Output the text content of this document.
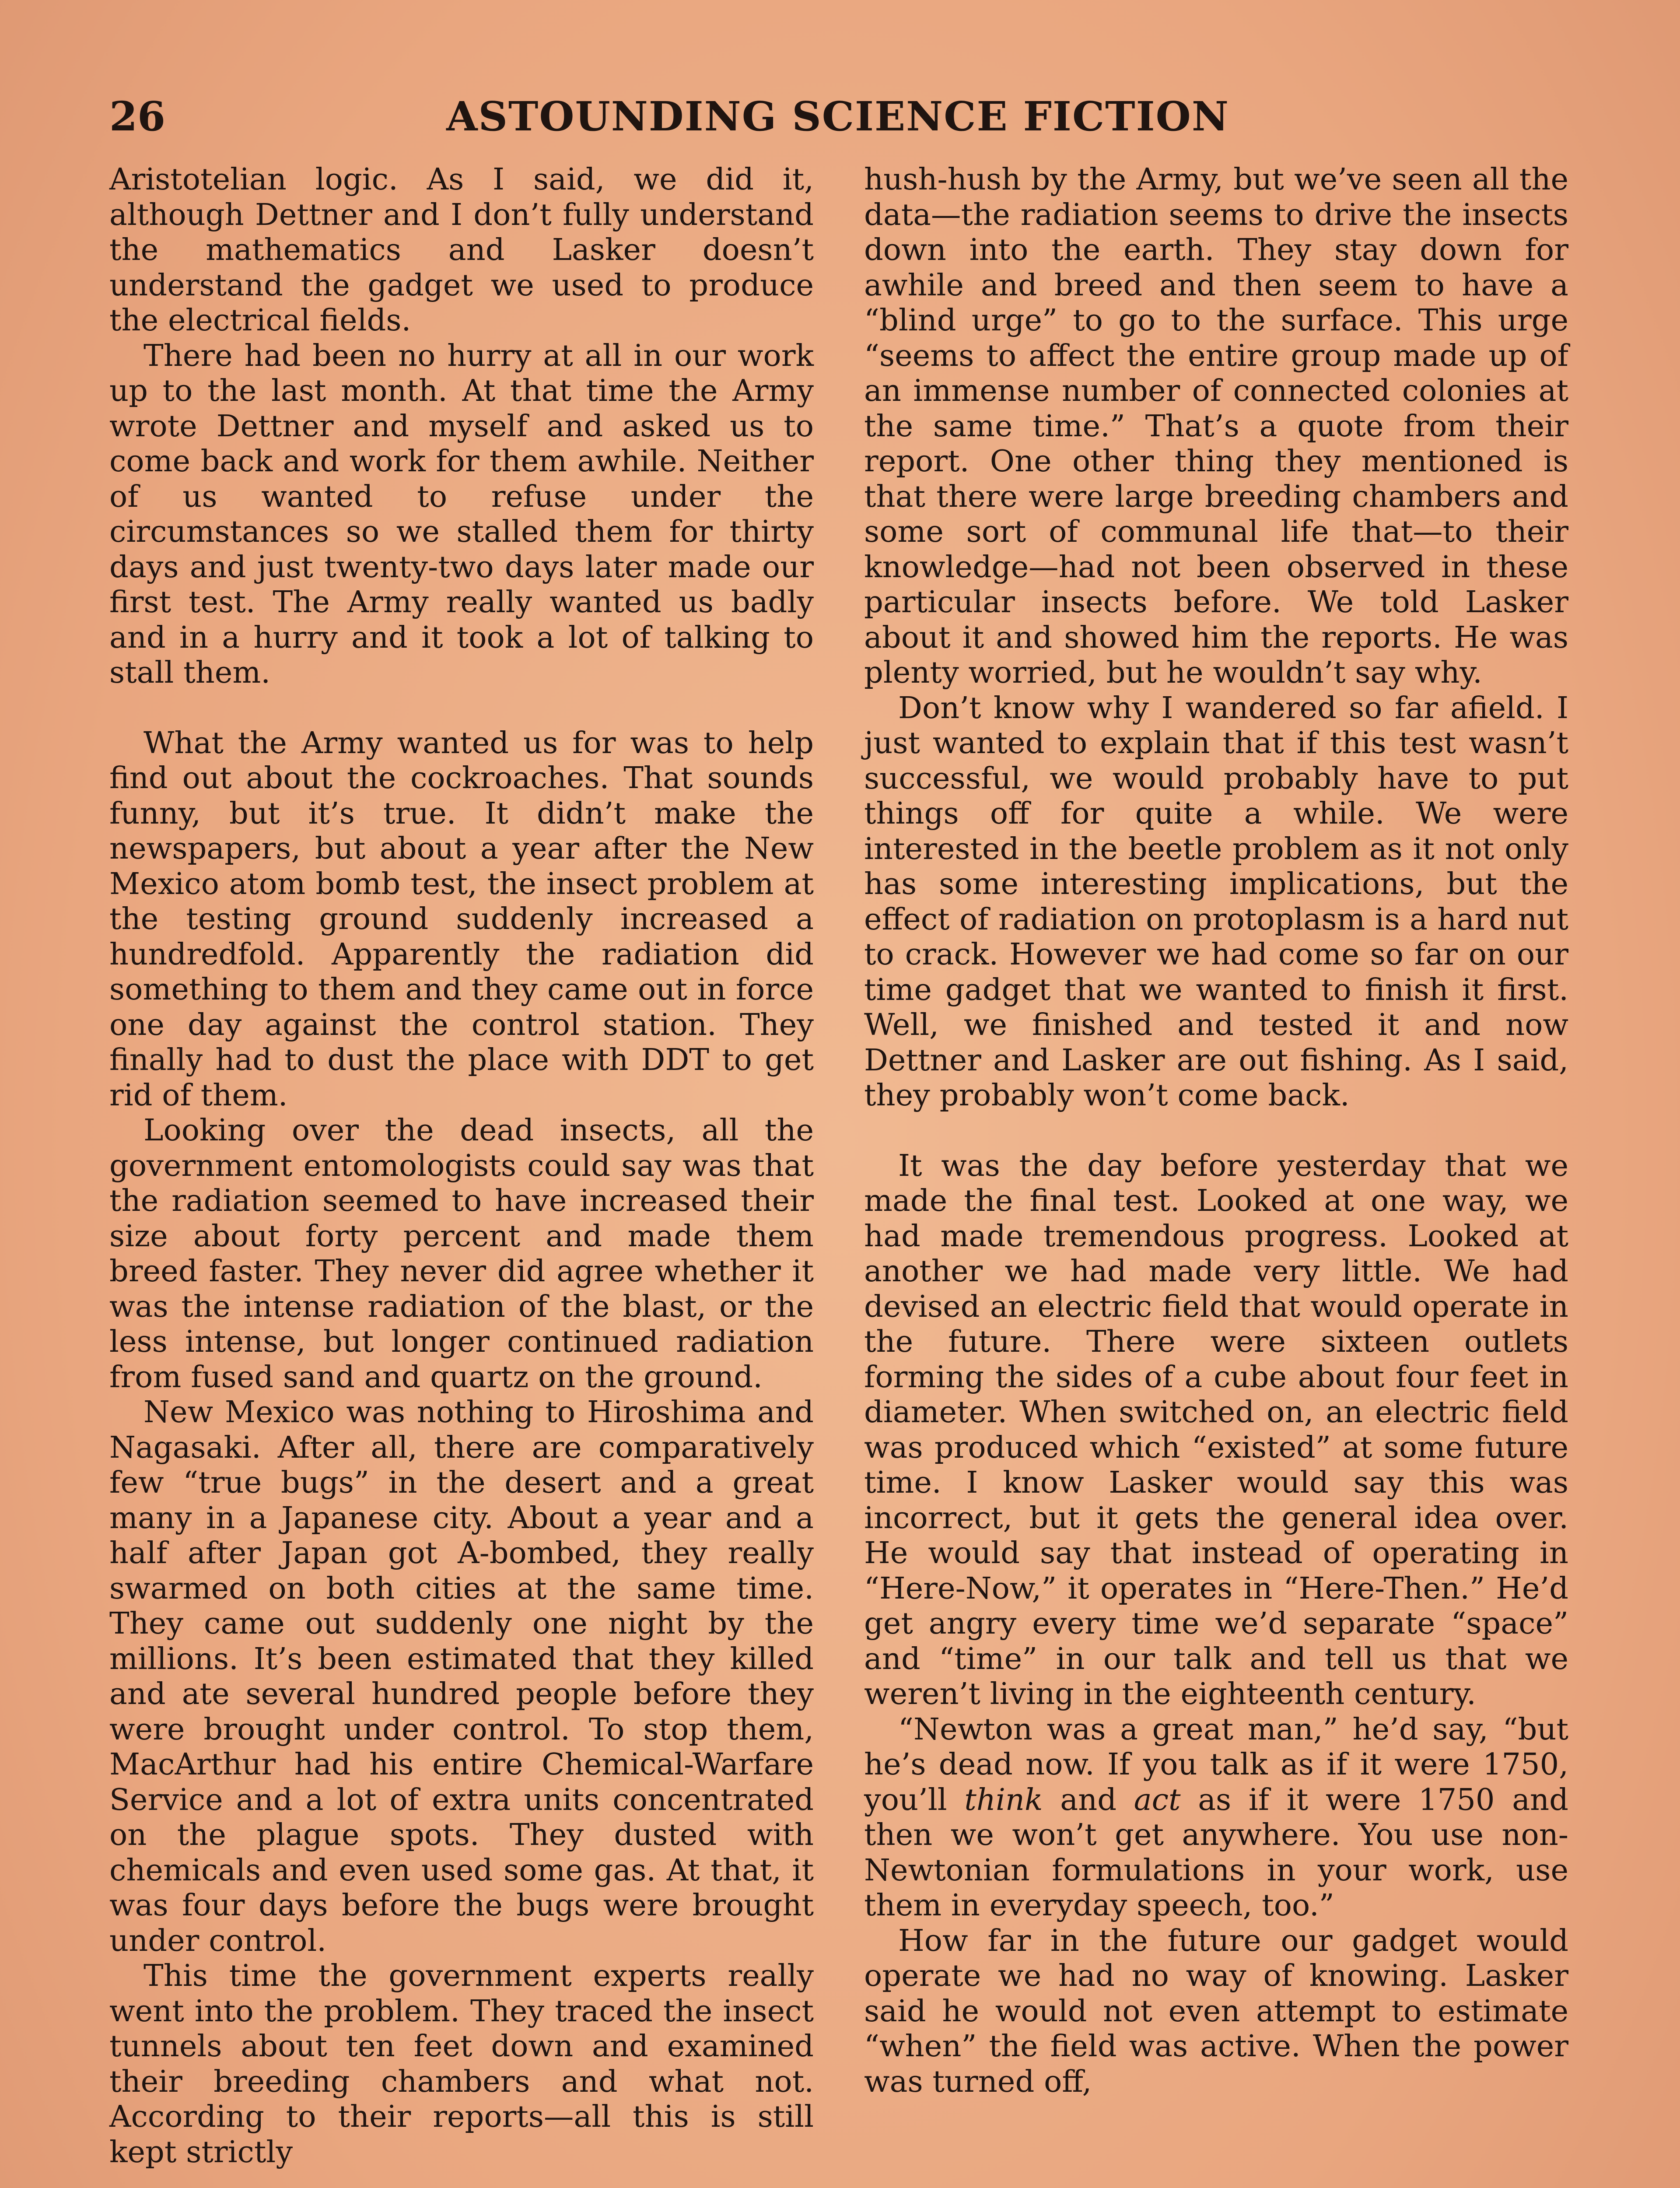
26	ASTOUNDING SCIENCE FICTION

Aristotelian logic. As I said, we did it, although Dettner and I don’t fully understand the mathematics and Lasker doesn’t understand the gadget we used to produce the electrical fields.

There had been no hurry at all in our work up to the last month. At that time the Army wrote Dettner and myself and asked us to come back and work for them awhile. Neither of us wanted to refuse under the circumstances so we stalled them for thirty days and just twenty-two days later made our first test. The Army really wanted us badly and in a hurry and it took a lot of talking to stall them.

What the Army wanted us for was to help find out about the cockroaches. That sounds funny, but it’s true. It didn’t make the newspapers, but about a year after the New Mexico atom bomb test, the insect problem at the testing ground suddenly increased a hundredfold. Apparently the radiation did something to them and they came out in force one day against the control station. They finally had to dust the place with DDT to get rid of them.

Looking over the dead insects, all the government entomologists could say was that the radiation seemed to have increased their size about forty percent and made them breed faster. They never did agree whether it was the intense radiation of the blast, or the less intense, but longer continued radiation from fused sand and quartz on the ground.

New Mexico was nothing to Hiroshima and Nagasaki. After all, there are comparatively few “true bugs” in the desert and a great many in a Japanese city. About a year and a half after Japan got A-bombed, they really swarmed on both cities at the same time. They came out suddenly one night by the millions. It’s been estimated that they killed and ate several hundred people before they were brought under control. To stop them, MacArthur had his entire Chemical-Warfare Service and a lot of extra units concentrated on the plague spots. They dusted with chemicals and even used some gas. At that, it was four days before the bugs were brought under control.

This time the government experts really went into the problem. They traced the insect tunnels about ten feet down and examined their breeding chambers and what not. According to their reports—all this is still kept strictly

hush-hush by the Army, but we’ve seen all the data—the radiation seems to drive the insects down into the earth. They stay down for awhile and breed and then seem to have a “blind urge” to go to the surface. This urge “seems to affect the entire group made up of an immense number of connected colonies at the same time.” That’s a quote from their report. One other thing they mentioned is that there were large breeding chambers and some sort of communal life that—to their knowledge—had not been observed in these particular insects before. We told Lasker about it and showed him the reports. He was plenty worried, but he wouldn’t say why.

Don’t know why I wandered so far afield. I just wanted to explain that if this test wasn’t successful, we would probably have to put things off for quite a while. We were interested in the beetle problem as it not only has some interesting implications, but the effect of radiation on protoplasm is a hard nut to crack. However we had come so far on our time gadget that we wanted to finish it first. Well, we finished and tested it and now Dettner and Lasker are out fishing. As I said, they probably won’t come back.

It was the day before yesterday that we made the final test. Looked at one way, we had made tremendous progress. Looked at another we had made very little. We had devised an electric field that would operate in the future. There were sixteen outlets forming the sides of a cube about four feet in diameter. When switched on, an electric field was produced which “existed” at some future time. I know Lasker would say this was incorrect, but it gets the general idea over. He would say that instead of operating in “Here-Now,” it operates in “Here-Then.” He’d get angry every time we’d separate “space” and “time” in our talk and tell us that we weren’t living in the eighteenth century.

“Newton was a great man,” he’d say, “but he’s dead now. If you talk as if it were 1750, you’ll think and act as if it were 1750 and then we won’t get anywhere. You use non-Newtonian formulations in your work, use them in everyday speech, too.”

How far in the future our gadget would operate we had no way of knowing. Lasker said he would not even attempt to estimate “when” the field was active. When the power was turned off,
